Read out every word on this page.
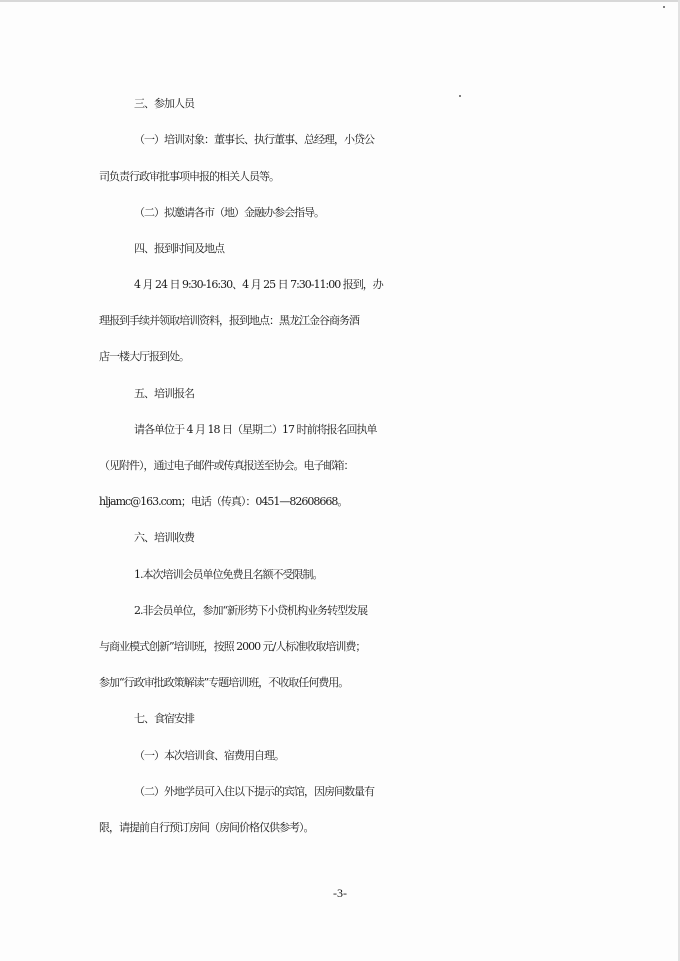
三、参加人员
（一）培训对象：董事长、执行董事、总经理，小贷公
司负责行政审批事项申报的相关人员等。
（二）拟邀请各市（地）金融办参会指导。
四、报到时间及地点
4 月 24 日 9:30-16:30、4 月 25 日 7:30-11:00 报到，办
理报到手续并领取培训资料，报到地点：黑龙江金谷商务酒
店一楼大厅报到处。
五、培训报名
请各单位于 4 月 18 日（星期二）17 时前将报名回执单
（见附件），通过电子邮件或传真报送至协会。电子邮箱：
hljamc@163.com；电话（传真）：0451—82608668。
六、培训收费
1.本次培训会员单位免费且名额不受限制。
2.非会员单位，参加“新形势下小贷机构业务转型发展
与商业模式创新”培训班，按照 2000 元/人标准收取培训费；
参加“行政审批政策解读”专题培训班，不收取任何费用。
七、食宿安排
（一）本次培训食、宿费用自理。
（二）外地学员可入住以下提示的宾馆，因房间数量有
限，请提前自行预订房间（房间价格仅供参考）。
-3-
